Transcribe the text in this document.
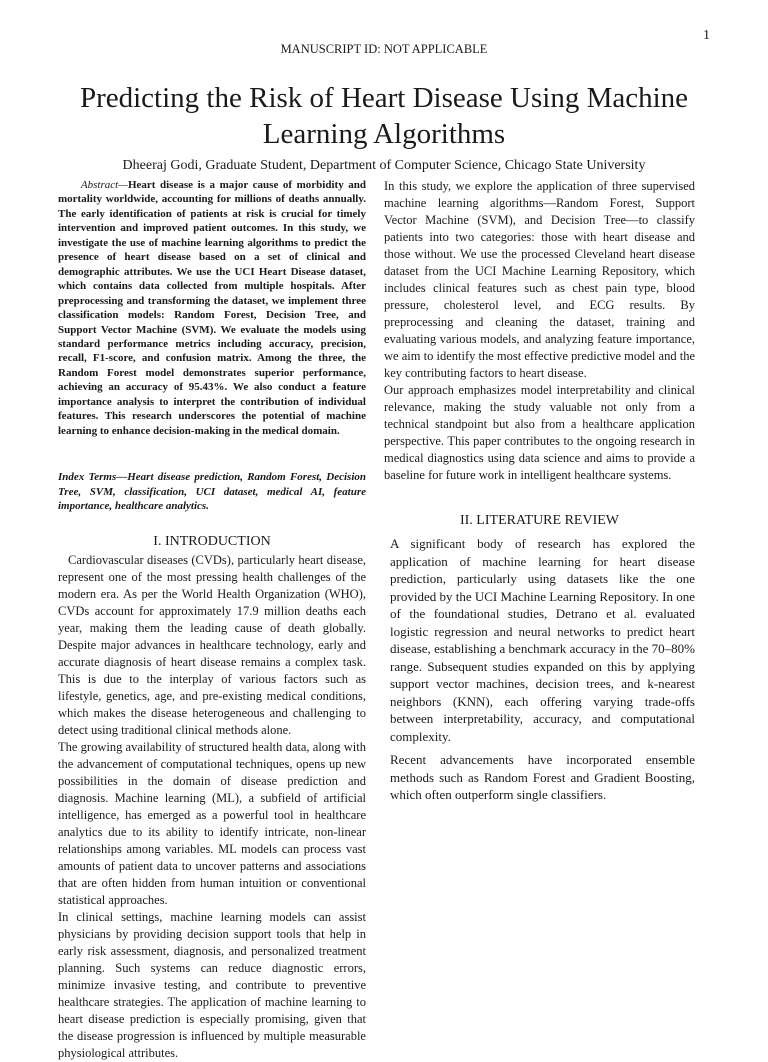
1
MANUSCRIPT ID: NOT APPLICABLE
Predicting the Risk of Heart Disease Using Machine Learning Algorithms
Dheeraj Godi, Graduate Student, Department of Computer Science, Chicago State University

Abstract—Heart disease is a major cause of morbidity and mortality worldwide, accounting for millions of deaths annually. The early identification of patients at risk is crucial for timely intervention and improved patient outcomes. In this study, we investigate the use of machine learning algorithms to predict the presence of heart disease based on a set of clinical and demographic attributes. We use the UCI Heart Disease dataset, which contains data collected from multiple hospitals. After preprocessing and transforming the dataset, we implement three classification models: Random Forest, Decision Tree, and Support Vector Machine (SVM). We evaluate the models using standard performance metrics including accuracy, precision, recall, F1-score, and confusion matrix. Among the three, the Random Forest model demonstrates superior performance, achieving an accuracy of 95.43%. We also conduct a feature importance analysis to interpret the contribution of individual features. This research underscores the potential of machine learning to enhance decision-making in the medical domain.

Index Terms—Heart disease prediction, Random Forest, Decision Tree, SVM, classification, UCI dataset, medical AI, feature importance, healthcare analytics.

I. INTRODUCTION

Cardiovascular diseases (CVDs), particularly heart disease, represent one of the most pressing health challenges of the modern era. As per the World Health Organization (WHO), CVDs account for approximately 17.9 million deaths each year, making them the leading cause of death globally. Despite major advances in healthcare technology, early and accurate diagnosis of heart disease remains a complex task. This is due to the interplay of various factors such as lifestyle, genetics, age, and pre-existing medical conditions, which makes the disease heterogeneous and challenging to detect using traditional clinical methods alone.

The growing availability of structured health data, along with the advancement of computational techniques, opens up new possibilities in the domain of disease prediction and diagnosis. Machine learning (ML), a subfield of artificial intelligence, has emerged as a powerful tool in healthcare analytics due to its ability to identify intricate, non-linear relationships among variables. ML models can process vast amounts of patient data to uncover patterns and associations that are often hidden from human intuition or conventional statistical approaches.

In clinical settings, machine learning models can assist physicians by providing decision support tools that help in early risk assessment, diagnosis, and personalized treatment planning. Such systems can reduce diagnostic errors, minimize invasive testing, and contribute to preventive healthcare strategies. The application of machine learning to heart disease prediction is especially promising, given that the disease progression is influenced by multiple measurable physiological attributes.

In this study, we explore the application of three supervised machine learning algorithms—Random Forest, Support Vector Machine (SVM), and Decision Tree—to classify patients into two categories: those with heart disease and those without. We use the processed Cleveland heart disease dataset from the UCI Machine Learning Repository, which includes clinical features such as chest pain type, blood pressure, cholesterol level, and ECG results. By preprocessing and cleaning the dataset, training and evaluating various models, and analyzing feature importance, we aim to identify the most effective predictive model and the key contributing factors to heart disease.

Our approach emphasizes model interpretability and clinical relevance, making the study valuable not only from a technical standpoint but also from a healthcare application perspective. This paper contributes to the ongoing research in medical diagnostics using data science and aims to provide a baseline for future work in intelligent healthcare systems.

II. LITERATURE REVIEW

A significant body of research has explored the application of machine learning for heart disease prediction, particularly using datasets like the one provided by the UCI Machine Learning Repository. In one of the foundational studies, Detrano et al. evaluated logistic regression and neural networks to predict heart disease, establishing a benchmark accuracy in the 70–80% range. Subsequent studies expanded on this by applying support vector machines, decision trees, and k-nearest neighbors (KNN), each offering varying trade-offs between interpretability, accuracy, and computational complexity.

Recent advancements have incorporated ensemble methods such as Random Forest and Gradient Boosting, which often outperform single classifiers.
